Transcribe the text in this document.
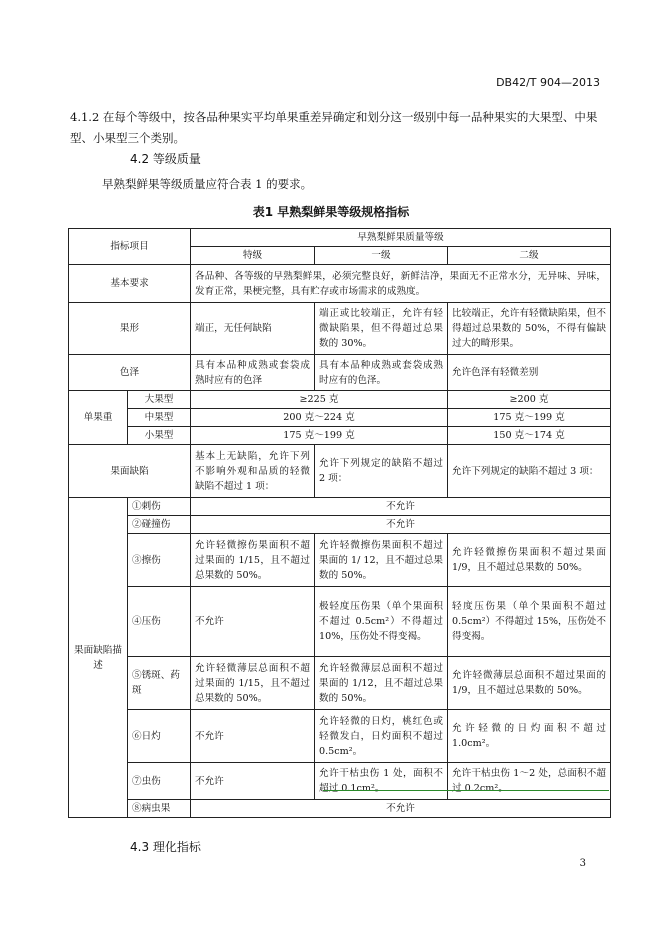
DB42/T 904—2013
4.1.2 在每个等级中，按各品种果实平均单果重差异确定和划分这一级别中每一品种果实的大果型、中果型、小果型三个类别。
4.2 等级质量
早熟梨鲜果等级质量应符合表 1 的要求。
表1 早熟梨鲜果等级规格指标
指标项目		早熟梨鲜果质量等级		
		特级	一级	二级
基本要求		各品种、各等级的早熟梨鲜果，必须完整良好，新鲜洁净，果面无不正常水分，无异味、异味，发育正常，果梗完整，具有贮存或市场需求的成熟度。		
果形		端正，无任何缺陷	端正或比较端正，允许有轻微缺陷果，但不得超过总果数的 30%。	比较端正，允许有轻微缺陷果，但不得超过总果数的 50%，不得有偏缺过大的畸形果。
色泽		具有本品种成熟或套袋成熟时应有的色泽	具有本品种成熟或套袋成熟时应有的色泽。	允许色泽有轻微差别
单果重	大果型	≥225 克		≥200 克
	中果型	200 克～224 克		175 克～199 克
	小果型	175 克～199 克		150 克～174 克
果面缺陷		基本上无缺陷，允许下列不影响外观和品质的轻微缺陷不超过 1 项：	允许下列规定的缺陷不超过 2 项：	允许下列规定的缺陷不超过 3 项：
果面缺陷描述	①刺伤	不允许		
	②碰撞伤	不允许		
	③擦伤	允许轻微擦伤果面积不超过果面的 1/15，且不超过总果数的 50%。	允许轻微擦伤果面积不超过果面的 1/ 12，且不超过总果数的 50%。	允许轻微擦伤果面积不超过果面 1/9，且不超过总果数的 50%。
	④压伤	不允许	极轻度压伤果（单个果面积不超过 0.5cm²）不得超过 10%，压伤处不得变褐。	轻度压伤果（单个果面积不超过 0.5cm²）不得超过 15%，压伤处不得变褐。
	⑤锈斑、药斑	允许轻微薄层总面积不超过果面的 1/15，且不超过总果数的 50%。	允许轻微薄层总面积不超过果面的 1/12，且不超过总果数的 50%。	允许轻微薄层总面积不超过果面的 1/9，且不超过总果数的 50%。
	⑥日灼	不允许	允许轻微的日灼，桃红色或轻微发白，日灼面积不超过 0.5cm²。	允许轻微的日灼面积不超过 1.0cm²。
	⑦虫伤	不允许	允许干枯虫伤 1 处，面积不超过 0.1cm²。	允许干枯虫伤 1～2 处，总面积不超过 0.2cm²。
	⑧病虫果	不允许		
4.3 理化指标
3
